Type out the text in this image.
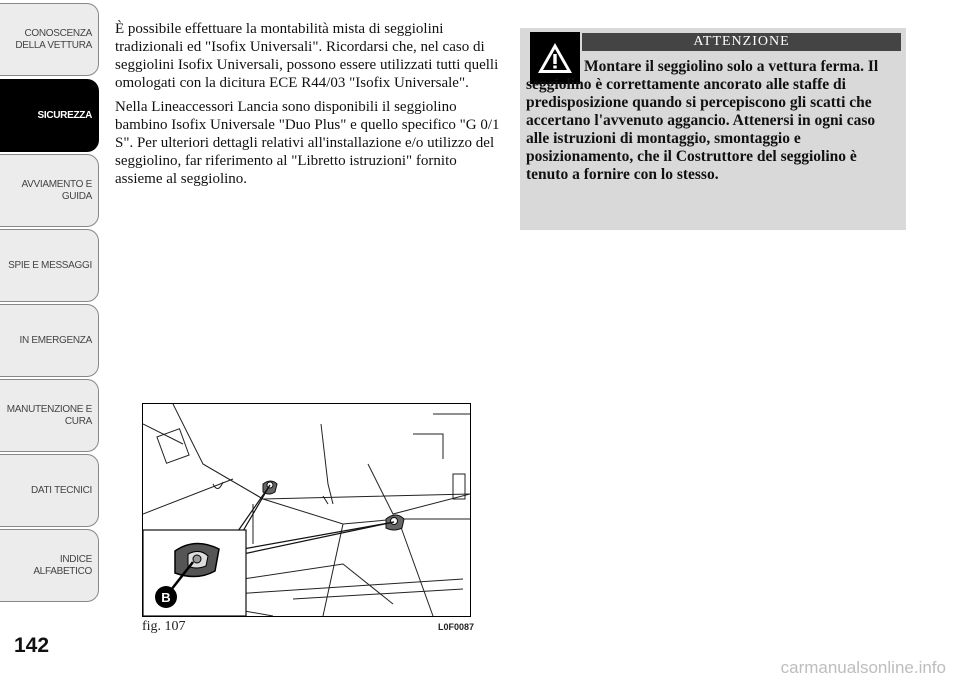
CONOSCENZA DELLA VETTURA
SICUREZZA
AVVIAMENTO E GUIDA
SPIE E MESSAGGI
IN EMERGENZA
MANUTENZIONE E CURA
DATI TECNICI
INDICE ALFABETICO
142

È possibile effettuare la montabilità mista di seggiolini tradizionali ed "Isofix Universali". Ricordarsi che, nel caso di seggiolini Isofix Universali, possono essere utilizzati tutti quelli omologati con la dicitura ECE R44/03 "Isofix Universale".

Nella Lineaccessori Lancia sono disponibili il seggiolino bambino Isofix Universale "Duo Plus" e quello specifico "G 0/1 S". Per ulteriori dettagli relativi all'installazione e/o utilizzo del seggiolino, far riferimento al "Libretto istruzioni" fornito assieme al seggiolino.

ATTENZIONE
Montare il seggiolino solo a vettura ferma. Il seggiolino è correttamente ancorato alle staffe di predisposizione quando si percepiscono gli scatti che accertano l'avvenuto aggancio. Attenersi in ogni caso alle istruzioni di montaggio, smontaggio e posizionamento, che il Costruttore del seggiolino è tenuto a fornire con lo stesso.
B
fig. 107	L0F0087
carmanualsonline.info
